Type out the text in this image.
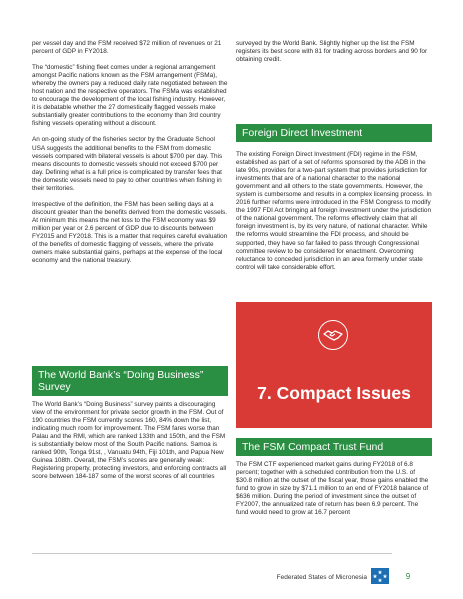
per vessel day and the FSM received $72 million of revenues or 21 percent of GDP in FY2018.

The “domestic” fishing fleet comes under a regional arrangement amongst Pacific nations known as the FSM arrangement (FSMa), whereby the owners pay a reduced daily rate negotiated between the host nation and the respective operators. The FSMa was established to encourage the development of the local fishing industry. However, it is debatable whether the 27 domestically flagged vessels make substantially greater contributions to the economy than 3rd country fishing vessels operating without a discount.

An on-going study of the fisheries sector by the Graduate School USA suggests the additional benefits to the FSM from domestic vessels compared with bilateral vessels is about $700 per day. This means discounts to domestic vessels should not exceed $700 per day. Defining what is a full price is complicated by transfer fees that the domestic vessels need to pay to other countries when fishing in their territories.

Irrespective of the definition, the FSM has been selling days at a discount greater than the benefits derived from the domestic vessels. At minimum this means the net loss to the FSM economy was $9 million per year or 2.6 percent of GDP due to discounts between FY2015 and FY2018. This is a matter that requires careful evaluation of the benefits of domestic flagging of vessels, where the private owners make substantial gains, perhaps at the expense of the local economy and the national treasury.

The World Bank’s “Doing Business” Survey

The World Bank’s “Doing Business” survey paints a discouraging view of the environment for private sector growth in the FSM. Out of 190 countries the FSM currently scores 160, 84% down the list, indicating much room for improvement. The FSM fares worse than Palau and the RMI, which are ranked 133th and 150th, and the FSM is substantially below most of the South Pacific nations. Samoa is ranked 90th, Tonga 91st, , Vanuatu 94th, Fiji 101th, and Papua New Guinea 108th. Overall, the FSM’s scores are generally weak: Registering property, protecting investors, and enforcing contracts all score between 184-187 some of the worst scores of all countries

surveyed by the World Bank. Slightly higher up the list the FSM registers its best score with 81 for trading across borders and 90 for obtaining credit.

Foreign Direct Investment

The existing Foreign Direct Investment (FDI) regime in the FSM, established as part of a set of reforms sponsored by the ADB in the late 90s, provides for a two-part system that provides jurisdiction for investments that are of a national character to the national government and all others to the state governments. However, the system is cumbersome and results in a complex licensing process. In 2016 further reforms were introduced in the FSM Congress to modify the 1997 FDI Act bringing all foreign investment under the jurisdiction of the national government. The reforms effectively claim that all foreign investment is, by its very nature, of national character. While the reforms would streamline the FDI process, and should be supported, they have so far failed to pass through Congressional committee review to be considered for enactment. Overcoming reluctance to conceded jurisdiction in an area formerly under state control will take considerable effort.

7. Compact Issues
The FSM Compact Trust Fund

The FSM CTF experienced market gains during FY2018 of 6.8 percent; together with a scheduled contribution from the U.S. of $30.8 million at the outset of the fiscal year, those gains enabled the fund to grow in size by $71.1 million to an end of FY2018 balance of $636 million. During the period of investment since the outset of FY2007, the annualized rate of return has been 6.9 percent. The fund would need to grow at 16.7 percent

Federated States of Micronesia	9
